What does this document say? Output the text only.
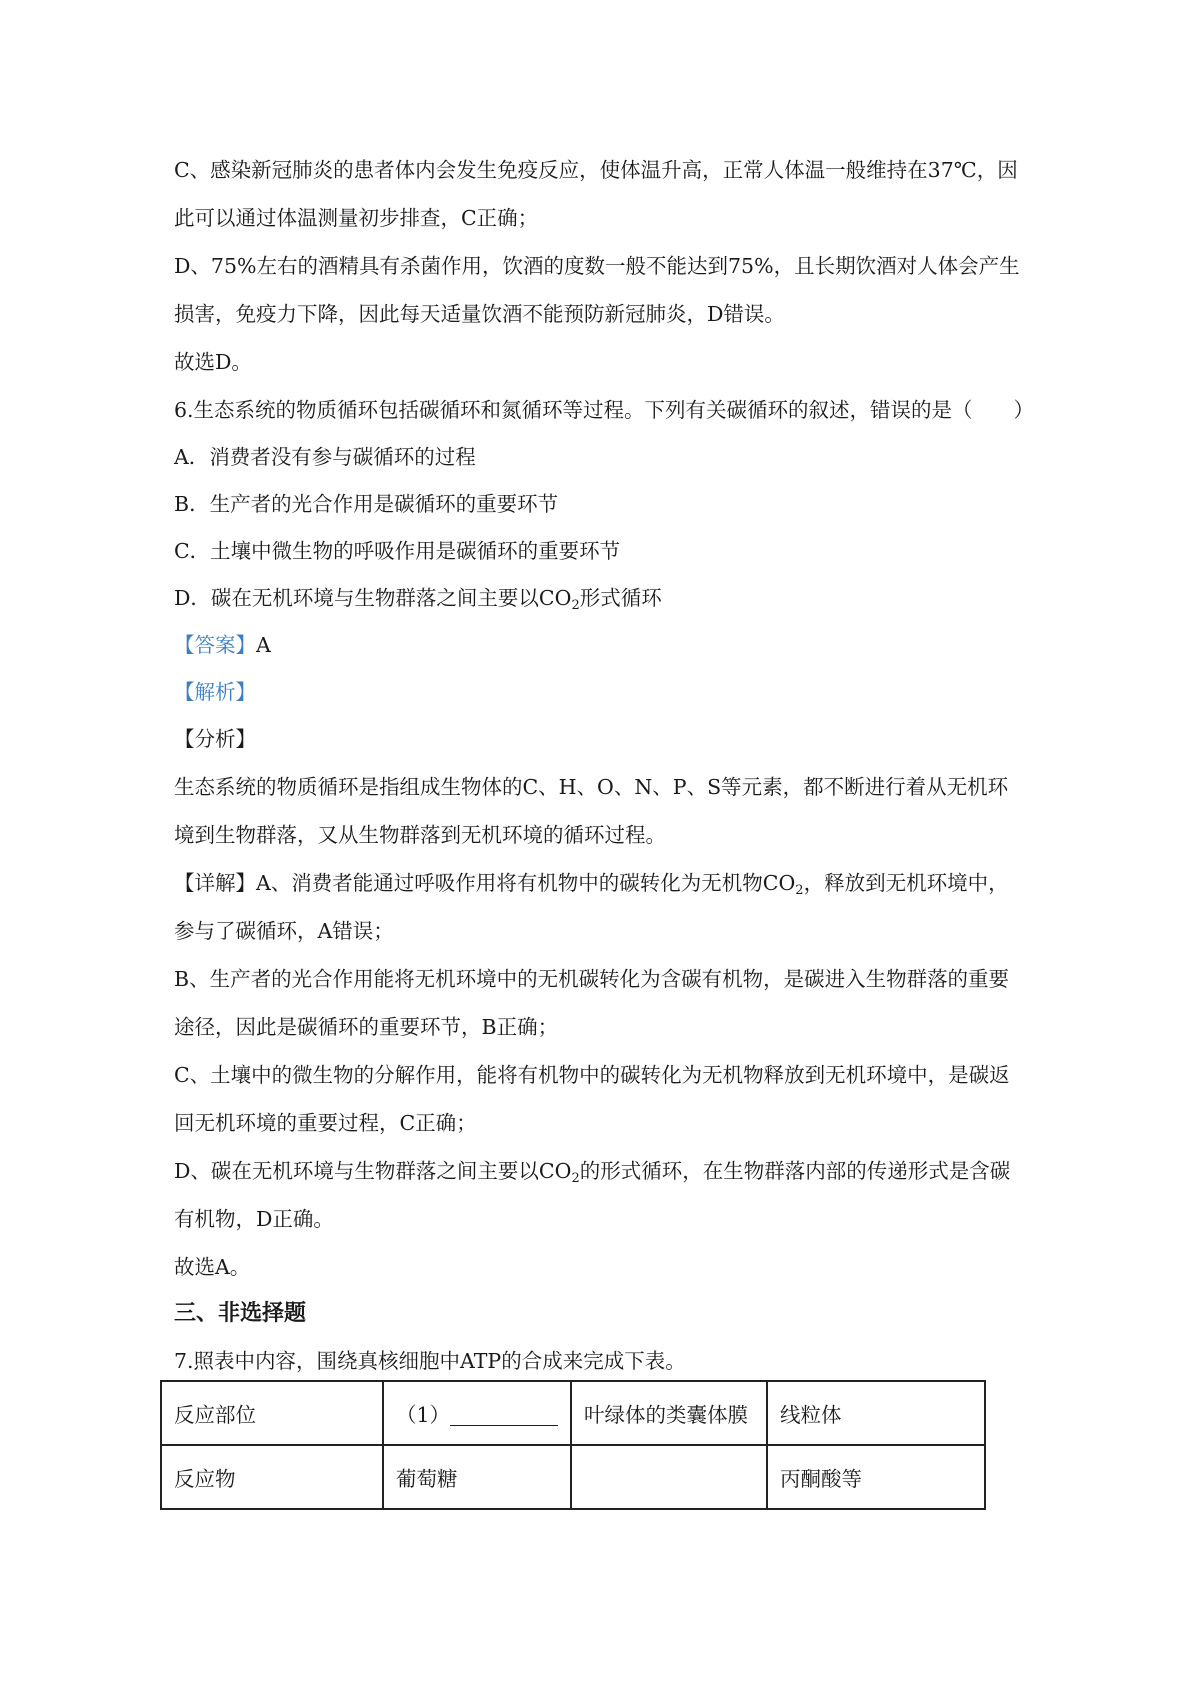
C、感染新冠肺炎的患者体内会发生免疫反应，使体温升高，正常人体温一般维持在37℃，因
此可以通过体温测量初步排查，C正确；
D、75%左右的酒精具有杀菌作用，饮酒的度数一般不能达到75%，且长期饮酒对人体会产生
损害，免疫力下降，因此每天适量饮酒不能预防新冠肺炎，D错误。
故选D。
6.生态系统的物质循环包括碳循环和氮循环等过程。下列有关碳循环的叙述，错误的是（　　）
A．消费者没有参与碳循环的过程
B．生产者的光合作用是碳循环的重要环节
C．土壤中微生物的呼吸作用是碳循环的重要环节
D．碳在无机环境与生物群落之间主要以$CO_2$形式循环
【答案】A
【解析】
【分析】
生态系统的物质循环是指组成生物体的C、H、O、N、P、S等元素，都不断进行着从无机环
境到生物群落，又从生物群落到无机环境的循环过程。
【详解】A、消费者能通过呼吸作用将有机物中的碳转化为无机物$CO_2$，释放到无机环境中，
参与了碳循环，A错误；
B、生产者的光合作用能将无机环境中的无机碳转化为含碳有机物，是碳进入生物群落的重要
途径，因此是碳循环的重要环节，B正确；
C、土壤中的微生物的分解作用，能将有机物中的碳转化为无机物释放到无机环境中，是碳返
回无机环境的重要过程，C正确；
D、碳在无机环境与生物群落之间主要以$CO_2$的形式循环，在生物群落内部的传递形式是含碳
有机物，D正确。
故选A。
三、非选择题
7.照表中内容，围绕真核细胞中ATP的合成来完成下表。
反应部位	（1）	叶绿体的类囊体膜	线粒体
反应物	葡萄糖		丙酮酸等
